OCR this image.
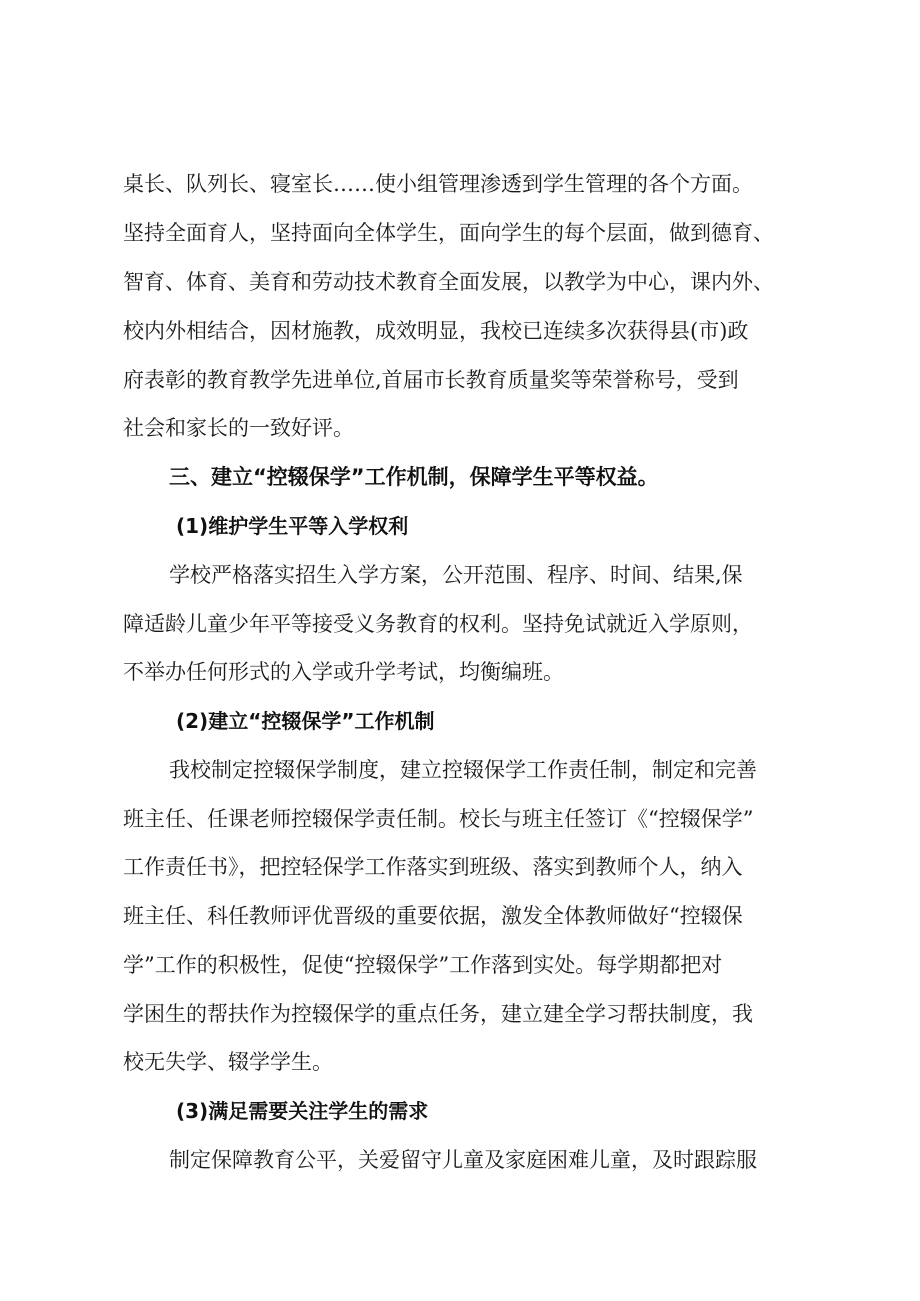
桌长、队列长、寝室长……使小组管理渗透到学生管理的各个方面。
坚持全面育人，坚持面向全体学生，面向学生的每个层面，做到德育、
智育、体育、美育和劳动技术教育全面发展，以教学为中心，课内外、
校内外相结合，因材施教，成效明显，我校已连续多次获得县(市)政
府表彰的教育教学先进单位,首届市长教育质量奖等荣誉称号，受到
社会和家长的一致好评。
三、建立“控辍保学”工作机制，保障学生平等权益。
(1)维护学生平等入学权利
学校严格落实招生入学方案，公开范围、程序、时间、结果,保
障适龄儿童少年平等接受义务教育的权利。坚持免试就近入学原则，
不举办任何形式的入学或升学考试，均衡编班。
(2)建立“控辍保学”工作机制
我校制定控辍保学制度，建立控辍保学工作责任制，制定和完善
班主任、任课老师控辍保学责任制。校长与班主任签订《“控辍保学”
工作责任书》，把控轻保学工作落实到班级、落实到教师个人，纳入
班主任、科任教师评优晋级的重要依据，激发全体教师做好“控辍保
学”工作的积极性，促使“控辍保学”工作落到实处。每学期都把对
学困生的帮扶作为控辍保学的重点任务，建立建全学习帮扶制度，我
校无失学、辍学学生。
(3)满足需要关注学生的需求
制定保障教育公平，关爱留守儿童及家庭困难儿童，及时跟踪服
